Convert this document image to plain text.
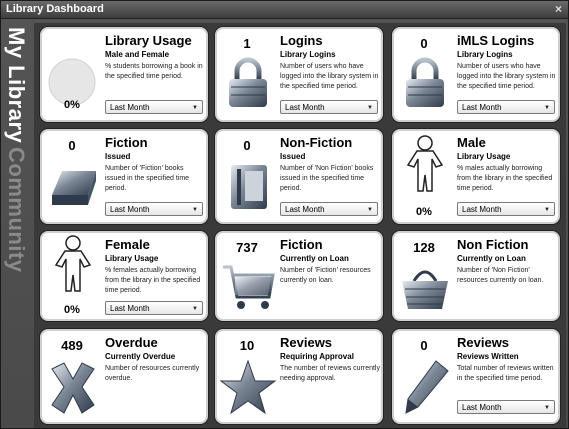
Library Dashboard	×
My Library
Community
Library Usage
Male and Female
% students borrowing a book in the specified time period.
0%	Last Month	▼
1	Logins
Library Logins
Number of users who have logged into the library system in the specified time period.
Last Month	▼
0	iMLS Logins
Library Logins
Number of users who have logged into the library system in the specified time period.
Last Month	▼
0	Fiction
Issued
Number of 'Fiction' books issued in the specified time period.
Last Month	▼
0	Non-Fiction
Issued
Number of 'Non Fiction' books issued in the specified time period.
Last Month	▼
Male
Library Usage
% males actually borrowing from the library in the specified time period.
0%	Last Month	▼
Female
Library Usage
% females actually borrowing from the library in the specified time period.
0%	Last Month	▼
737	Fiction
Currently on Loan
Number of 'Fiction' resources currently on loan.
128	Non Fiction
Currently on Loan
Number of 'Non Fiction' resources currently on loan.
489	Overdue
Currently Overdue
Number of resources currently overdue.
10	Reviews
Requiring Approval
The number of reviews currently needing approval.
0	Reviews
Reviews Written
Total number of reviews written in the specified time period.
Last Month	▼
